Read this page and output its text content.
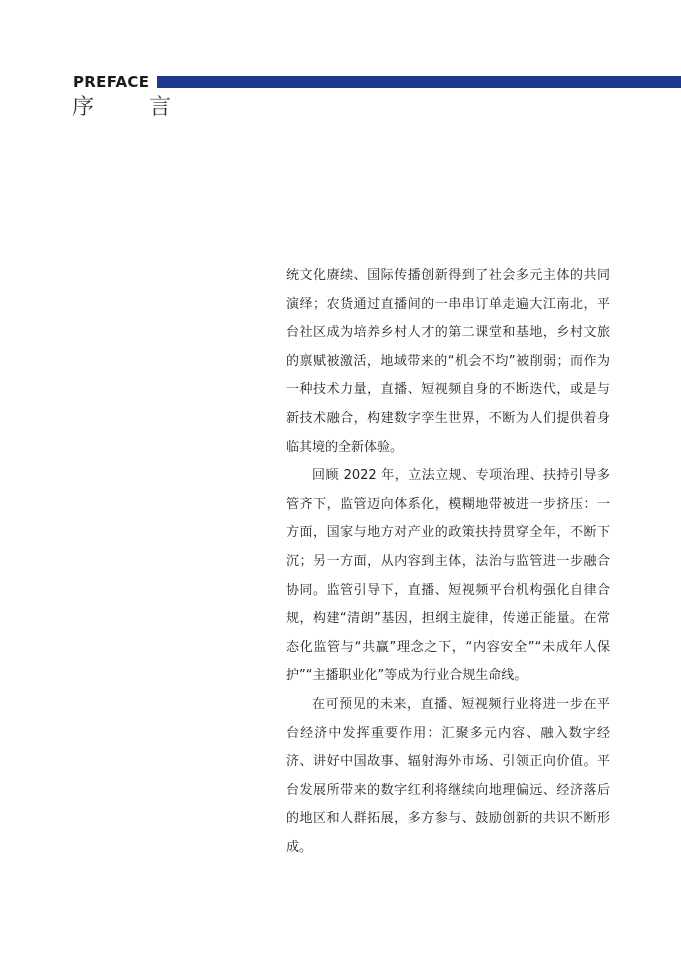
PREFACE
序 言

统文化赓续、国际传播创新得到了社会多元主体的共同演绎；农货通过直播间的一串串订单走遍大江南北，平台社区成为培养乡村人才的第二课堂和基地，乡村文旅的禀赋被激活，地域带来的“机会不均”被削弱；而作为一种技术力量，直播、短视频自身的不断迭代，或是与新技术融合，构建数字孪生世界，不断为人们提供着身临其境的全新体验。

回顾 2022 年，立法立规、专项治理、扶持引导多管齐下，监管迈向体系化，模糊地带被进一步挤压：一方面，国家与地方对产业的政策扶持贯穿全年，不断下沉；另一方面，从内容到主体，法治与监管进一步融合协同。监管引导下，直播、短视频平台机构强化自律合规，构建“清朗”基因，担纲主旋律，传递正能量。在常态化监管与“共赢”理念之下，“内容安全”“未成年人保护”“主播职业化”等成为行业合规生命线。

在可预见的未来，直播、短视频行业将进一步在平台经济中发挥重要作用：汇聚多元内容、融入数字经济、讲好中国故事、辐射海外市场、引领正向价值。平台发展所带来的数字红利将继续向地理偏远、经济落后的地区和人群拓展，多方参与、鼓励创新的共识不断形成。
